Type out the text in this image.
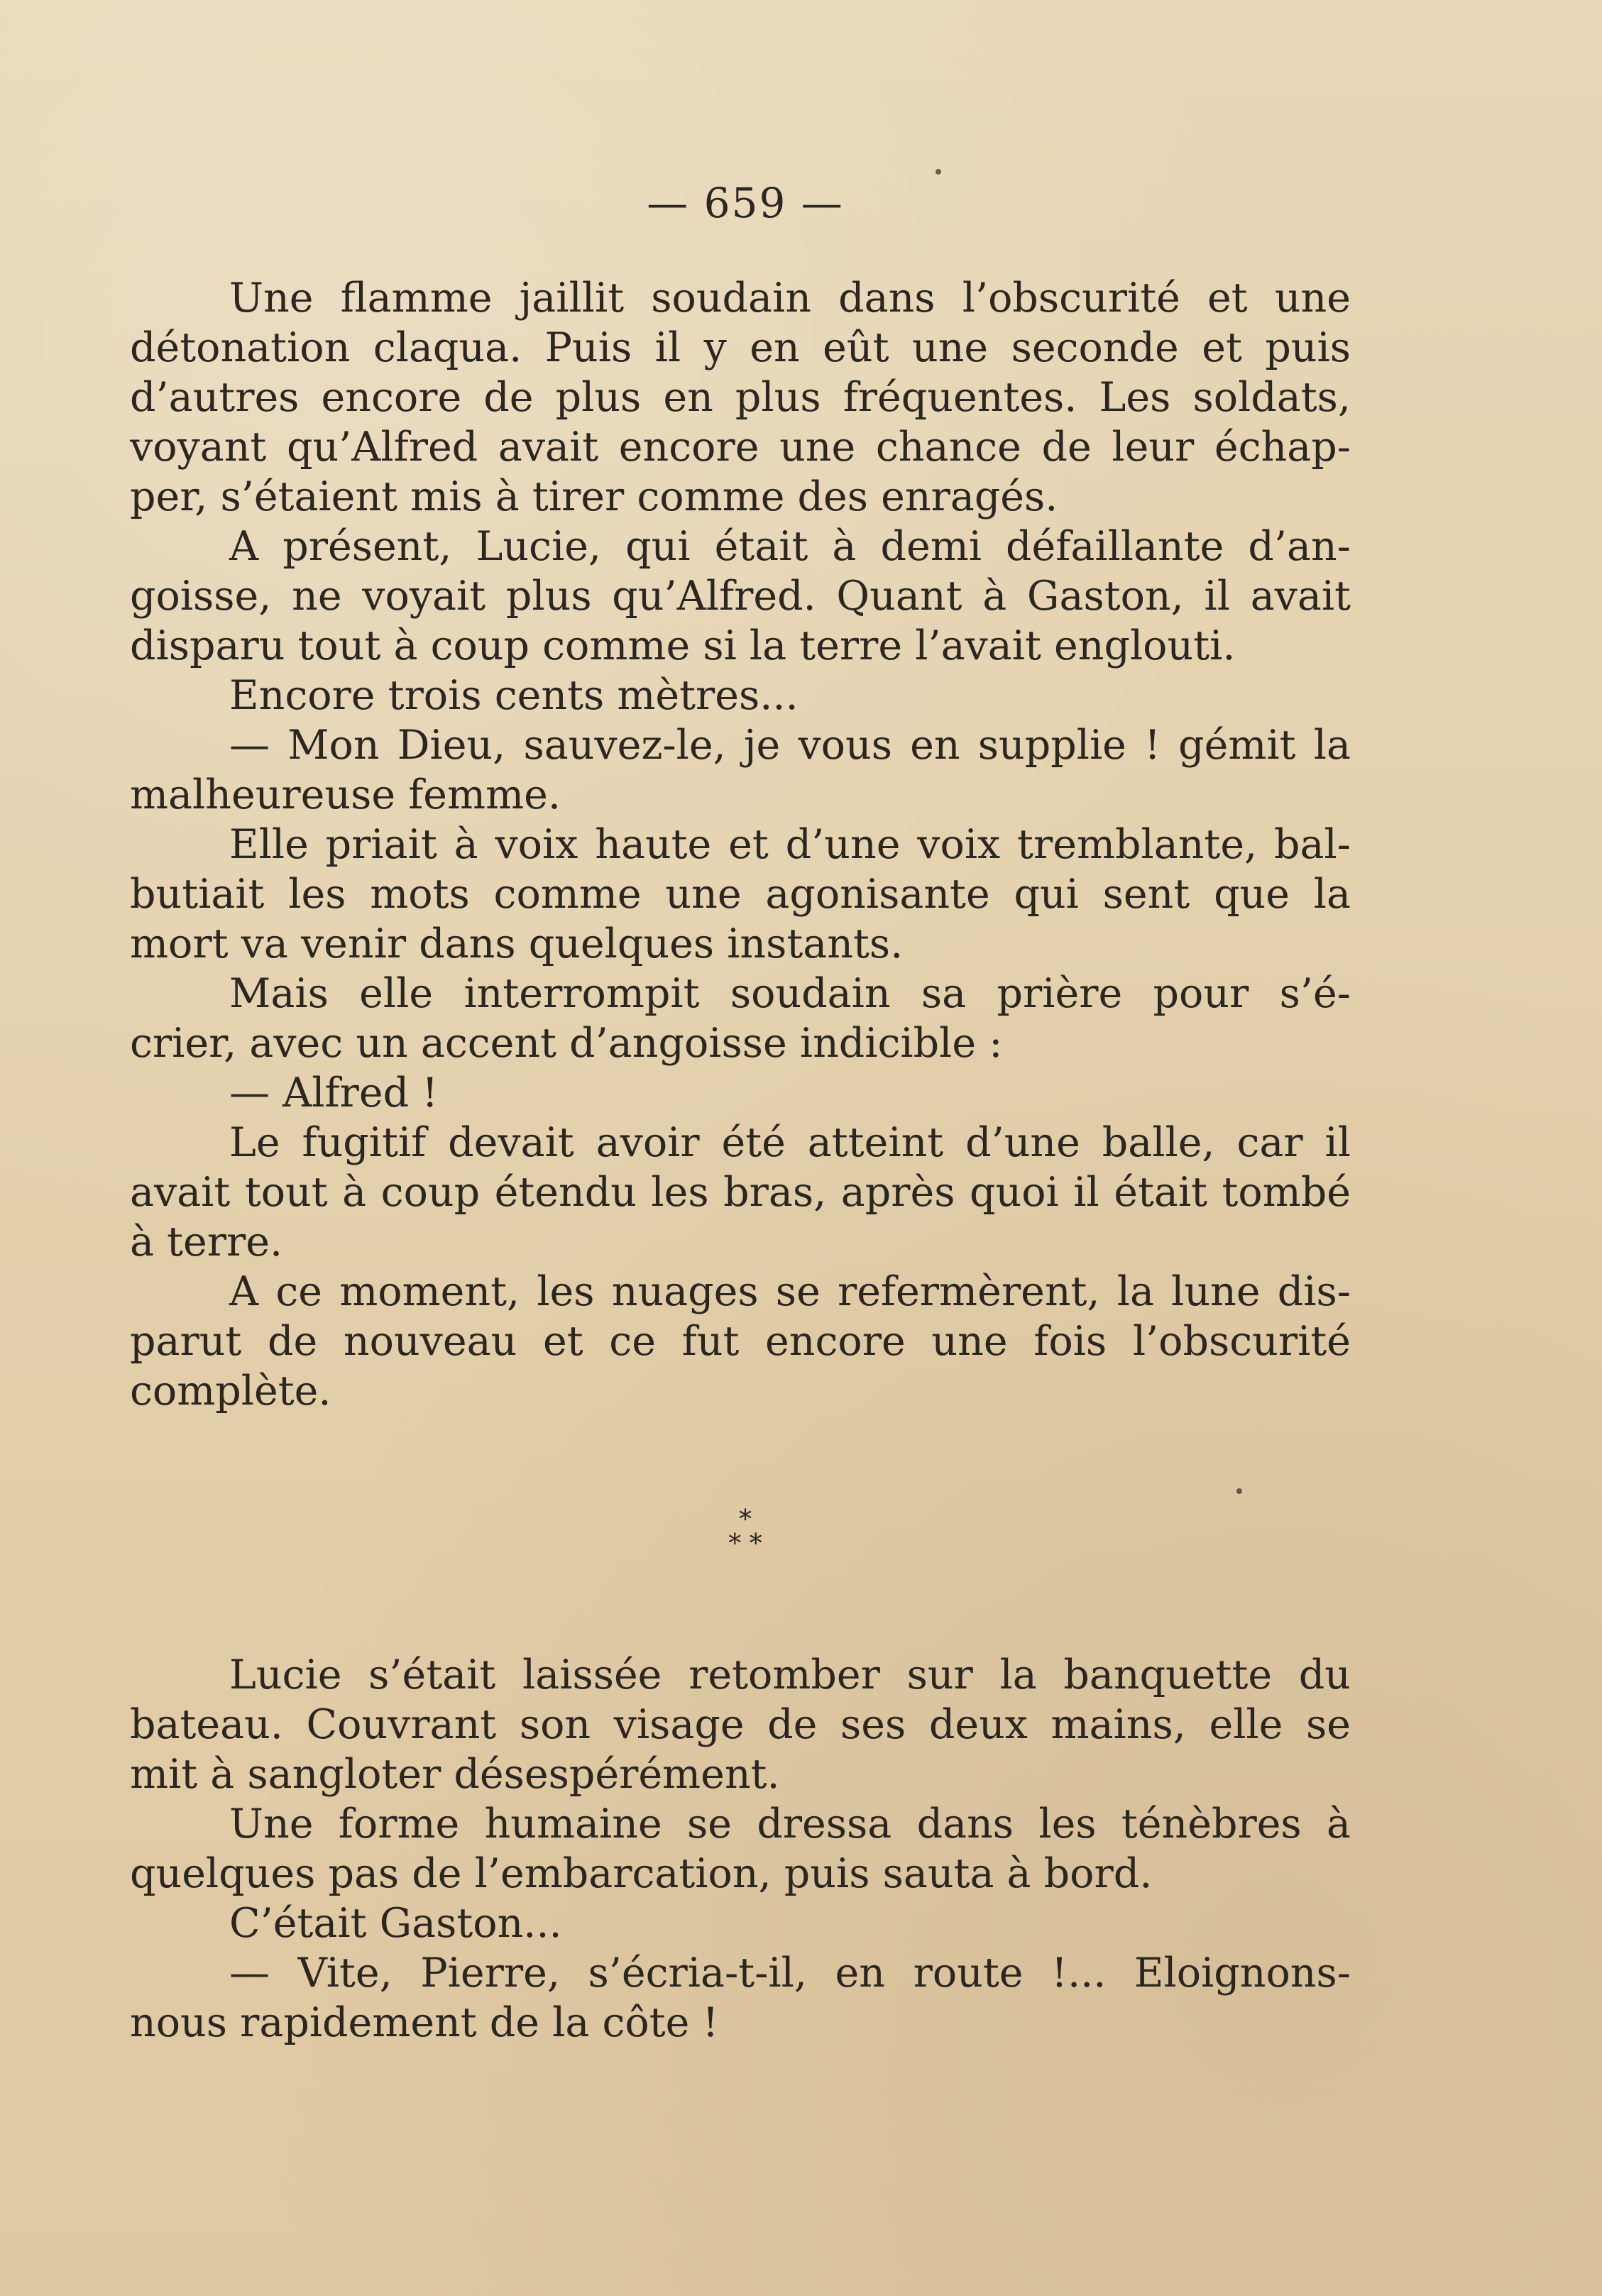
— 659 —
Une flamme jaillit soudain dans l’obscurité et une
détonation claqua. Puis il y en eût une seconde et puis
d’autres encore de plus en plus fréquentes. Les soldats,
voyant qu’Alfred avait encore une chance de leur échap-
per, s’étaient mis à tirer comme des enragés.
A présent, Lucie, qui était à demi défaillante d’an-
goisse, ne voyait plus qu’Alfred. Quant à Gaston, il avait
disparu tout à coup comme si la terre l’avait englouti.
Encore trois cents mètres...
— Mon Dieu, sauvez-le, je vous en supplie ! gémit la
malheureuse femme.
Elle priait à voix haute et d’une voix tremblante, bal-
butiait les mots comme une agonisante qui sent que la
mort va venir dans quelques instants.
Mais elle interrompit soudain sa prière pour s’é-
crier, avec un accent d’angoisse indicible :
— Alfred !
Le fugitif devait avoir été atteint d’une balle, car il
avait tout à coup étendu les bras, après quoi il était tombé
à terre.
A ce moment, les nuages se refermèrent, la lune dis-
parut de nouveau et ce fut encore une fois l’obscurité
complète.
*
* *
Lucie s’était laissée retomber sur la banquette du
bateau. Couvrant son visage de ses deux mains, elle se
mit à sangloter désespérément.
Une forme humaine se dressa dans les ténèbres à
quelques pas de l’embarcation, puis sauta à bord.
C’était Gaston...
— Vite, Pierre, s’écria-t-il, en route !... Eloignons-
nous rapidement de la côte !
